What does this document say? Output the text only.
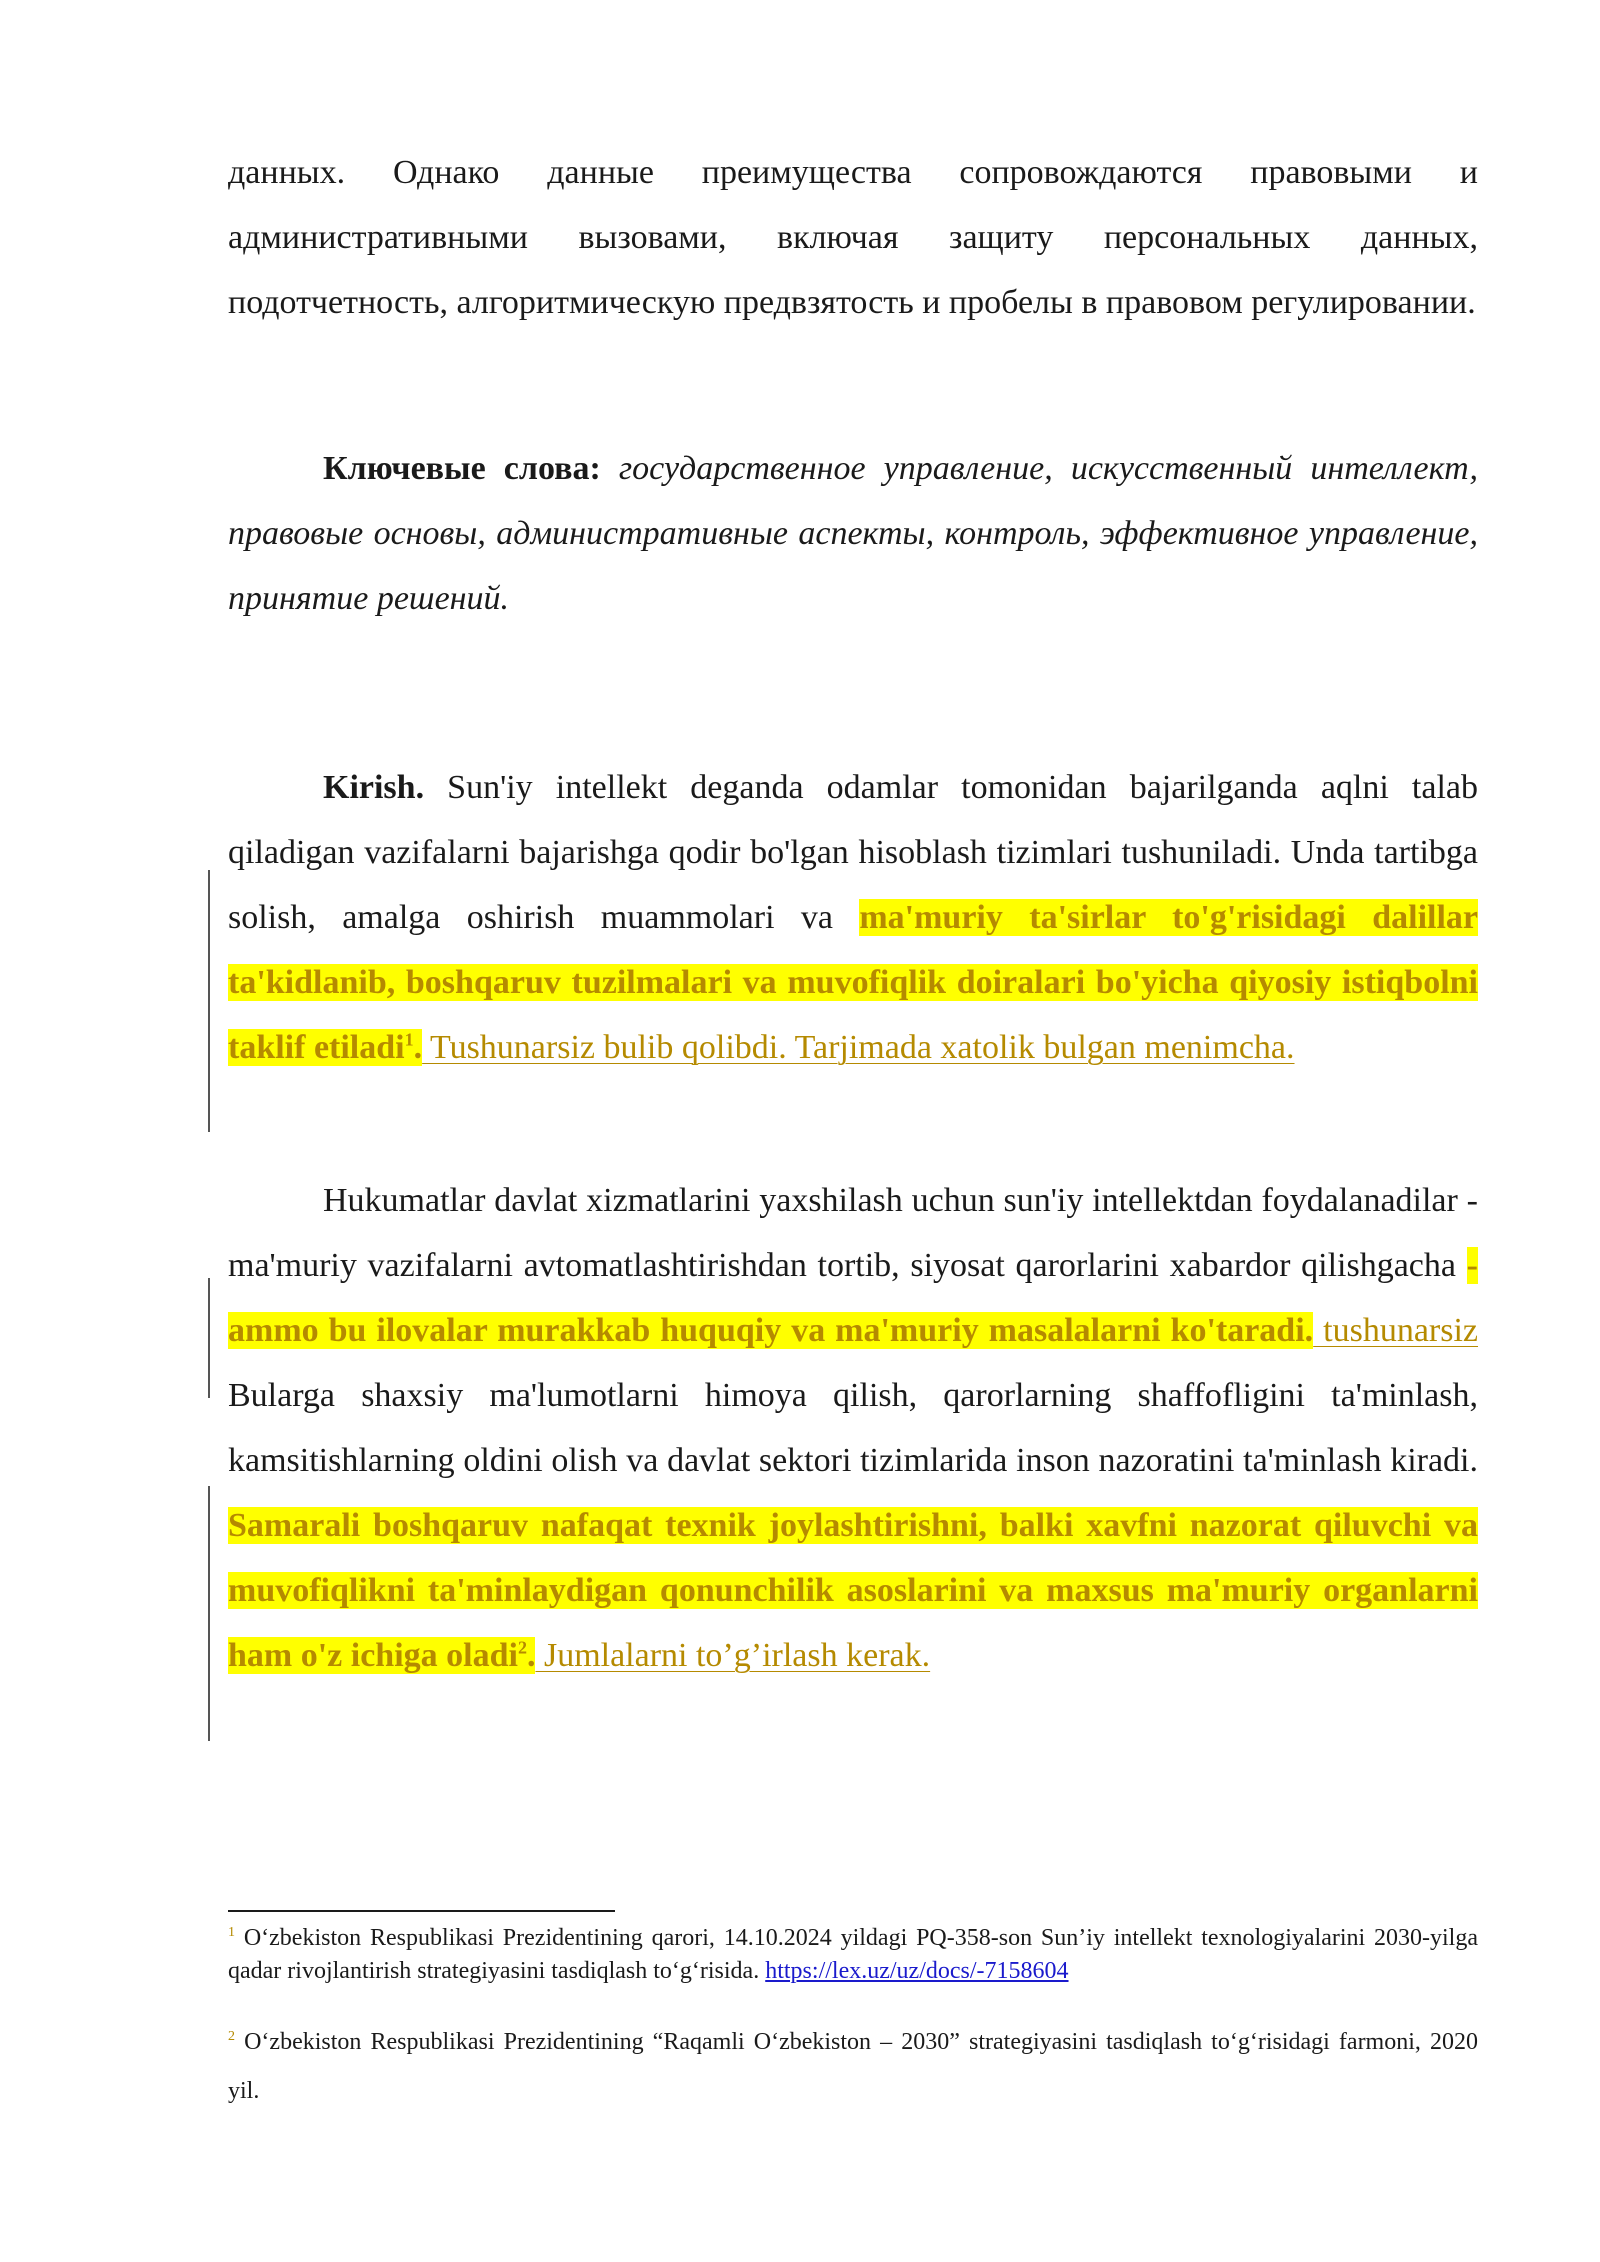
данных. Однако данные преимущества сопровождаются правовыми и административными вызовами, включая защиту персональных данных, подотчетность, алгоритмическую предвзятость и пробелы в правовом регулировании.

Ключевые слова: государственное управление, искусственный интеллект, правовые основы, административные аспекты, контроль, эффективное управление, принятие решений.

Kirish. Sun'iy intellekt deganda odamlar tomonidan bajarilganda aqlni talab qiladigan vazifalarni bajarishga qodir bo'lgan hisoblash tizimlari tushuniladi. Unda tartibga solish, amalga oshirish muammolari va ma'muriy ta'sirlar to'g'risidagi dalillar ta'kidlanib, boshqaruv tuzilmalari va muvofiqlik doiralari bo'yicha qiyosiy istiqbolni taklif etiladi$^1$. Tushunarsiz bulib qolibdi. Tarjimada xatolik bulgan menimcha.

Hukumatlar davlat xizmatlarini yaxshilash uchun sun'iy intellektdan foydalanadilar - ma'muriy vazifalarni avtomatlashtirishdan tortib, siyosat qarorlarini xabardor qilishgacha - ammo bu ilovalar murakkab huquqiy va ma'muriy masalalarni ko'taradi. tushunarsiz Bularga shaxsiy ma'lumotlarni himoya qilish, qarorlarning shaffofligini ta'minlash, kamsitishlarning oldini olish va davlat sektori tizimlarida inson nazoratini ta'minlash kiradi. Samarali boshqaruv nafaqat texnik joylashtirishni, balki xavfni nazorat qiluvchi va muvofiqlikni ta'minlaydigan qonunchilik asoslarini va maxsus ma'muriy organlarni ham o'z ichiga oladi$^2$. Jumlalarni to’g’irlash kerak.

$^1$ O‘zbekiston Respublikasi Prezidentining qarori, 14.10.2024 yildagi PQ-358-son Sun’iy intellekt texnologiyalarini 2030-yilga qadar rivojlantirish strategiyasini tasdiqlash to‘g‘risida. https://lex.uz/uz/docs/-7158604

$^2$ O‘zbekiston Respublikasi Prezidentining “Raqamli O‘zbekiston – 2030” strategiyasini tasdiqlash to‘g‘risidagi farmoni, 2020 yil.
